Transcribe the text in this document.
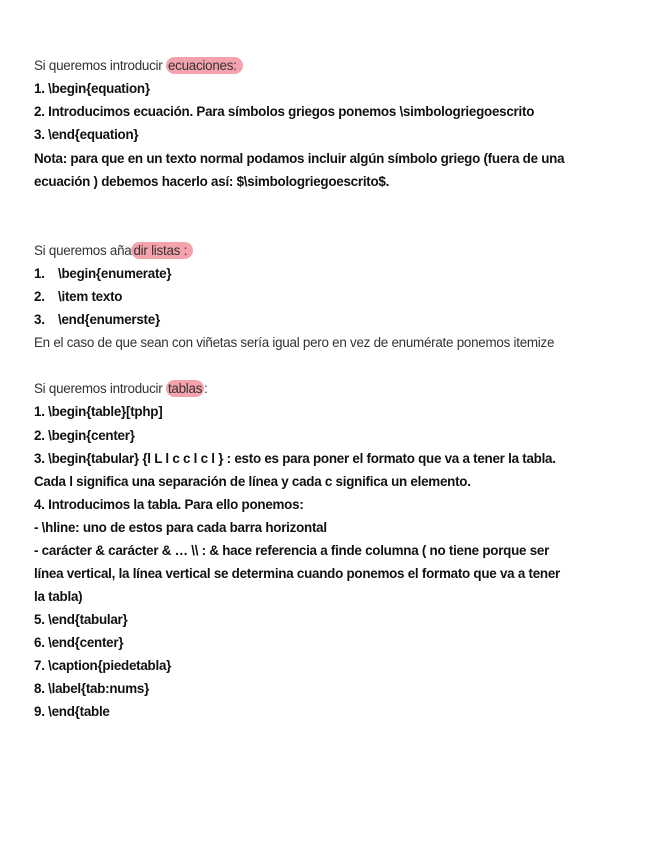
Si queremos introducir ecuaciones:

1. \begin{equation}

2. Introducimos ecuación. Para símbolos griegos ponemos \simbologriegoescrito

3. \end{equation}

Nota: para que en un texto normal podamos incluir algún símbolo griego (fuera de una

ecuación ) debemos hacerlo así: $\simbologriegoescrito$.

Si queremos aña dir listas :

1. \begin{enumerate}

2. \item texto

3. \end{enumerste}

En el caso de que sean con viñetas sería igual pero en vez de enumérate ponemos itemize

Si queremos introducir tablas :

1. \begin{table}[tphp]

2. \begin{center}

3. \begin{tabular} {l L l c c l c l } : esto es para poner el formato que va a tener la tabla.

Cada l significa una separación de línea y cada c significa un elemento.

4. Introducimos la tabla. Para ello ponemos:

- \hline: uno de estos para cada barra horizontal

- carácter & carácter & … \\ : & hace referencia a finde columna ( no tiene porque ser

línea vertical, la línea vertical se determina cuando ponemos el formato que va a tener

la tabla)

5. \end{tabular}

6. \end{center}

7. \caption{piedetabla}

8. \label{tab:nums}

9. \end{table
